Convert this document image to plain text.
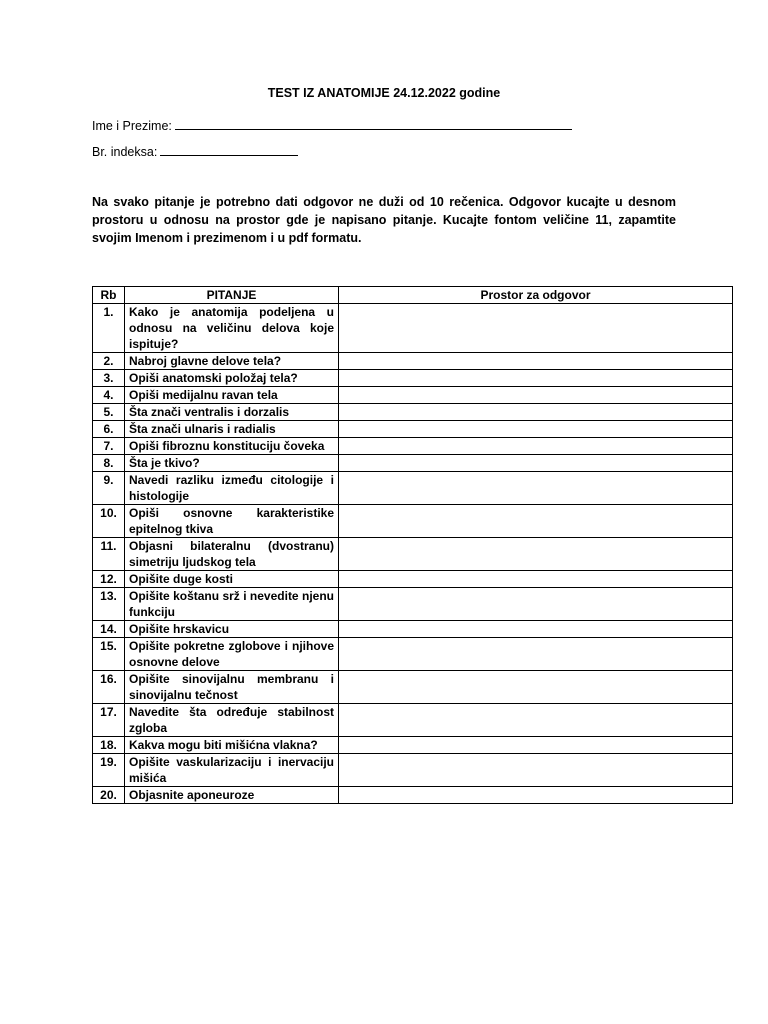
TEST IZ ANATOMIJE 24.12.2022 godine
Ime i Prezime:
Br. indeksa:
Na svako pitanje je potrebno dati odgovor ne duži od 10 rečenica. Odgovor kucajte u desnom prostoru u odnosu na prostor gde je napisano pitanje. Kucajte fontom veličine 11, zapamtite svojim Imenom i prezimenom i u pdf formatu.
Rb	PITANJE	Prostor za odgovor
1.	Kako je anatomija podeljena u odnosu na veličinu delova koje ispituje?	
2.	Nabroj glavne delove tela?	
3.	Opiši anatomski položaj tela?	
4.	Opiši medijalnu ravan tela	
5.	Šta znači ventralis i dorzalis	
6.	Šta znači ulnaris i radialis	
7.	Opiši fibroznu konstituciju čoveka	
8.	Šta je tkivo?	
9.	Navedi razliku između citologije i histologije	
10.	Opiši osnovne karakteristike epitelnog tkiva	
11.	Objasni bilateralnu (dvostranu) simetriju ljudskog tela	
12.	Opišite duge kosti	
13.	Opišite koštanu srž i nevedite njenu funkciju	
14.	Opišite hrskavicu	
15.	Opišite pokretne zglobove i njihove osnovne delove	
16.	Opišite sinovijalnu membranu i sinovijalnu tečnost	
17.	Navedite šta određuje stabilnost zgloba	
18.	Kakva mogu biti mišićna vlakna?	
19.	Opišite vaskularizaciju i inervaciju mišića	
20.	Objasnite aponeuroze	
